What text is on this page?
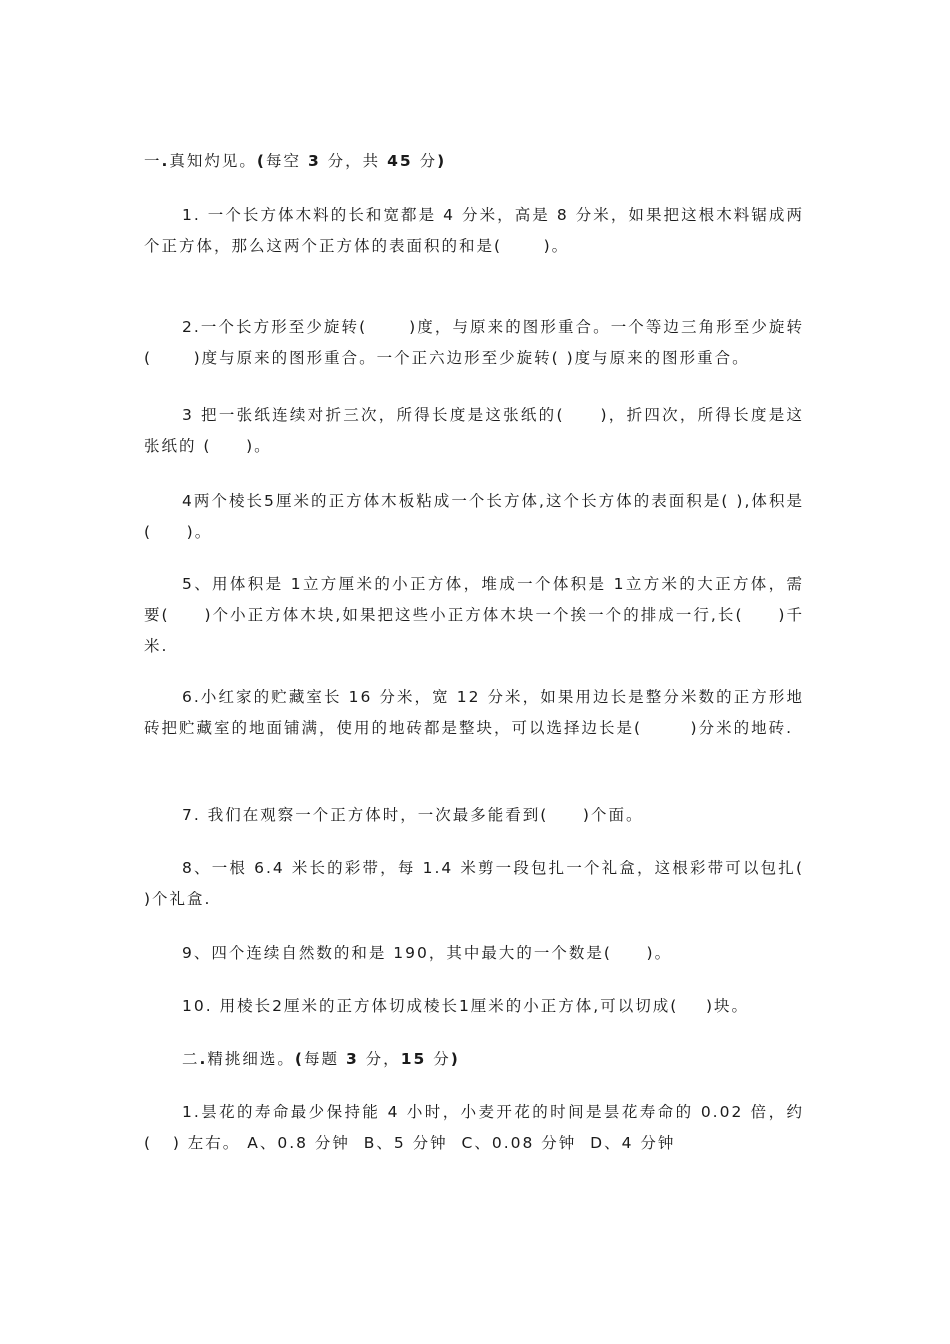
一.真知灼见。(每空 3 分，共 45 分)
1. 一个长方体木料的长和宽都是 4 分米，高是 8 分米，如果把这根木料锯成两个正方体，那么这两个正方体的表面积的和是(      )。
2.一个长方形至少旋转(      )度，与原来的图形重合。一个等边三角形至少旋转(      )度与原来的图形重合。一个正六边形至少旋转( )度与原来的图形重合。
3 把一张纸连续对折三次，所得长度是这张纸的(     )，折四次，所得长度是这张纸的 (     )。
4两个棱长5厘米的正方体木板粘成一个长方体,这个长方体的表面积是( ),体积是(     )。
5、用体积是 1立方厘米的小正方体，堆成一个体积是 1立方米的大正方体，需要(     )个小正方体木块,如果把这些小正方体木块一个挨一个的排成一行,长(     )千米.
6.小红家的贮藏室长 16 分米，宽 12 分米，如果用边长是整分米数的正方形地砖把贮藏室的地面铺满，使用的地砖都是整块，可以选择边长是(       )分米的地砖.
7. 我们在观察一个正方体时，一次最多能看到(     )个面。
8、一根 6.4 米长的彩带，每 1.4 米剪一段包扎一个礼盒，这根彩带可以包扎(     )个礼盒.
9、四个连续自然数的和是 190，其中最大的一个数是(     )。
10. 用棱长2厘米的正方体切成棱长1厘米的小正方体,可以切成(    )块。
二.精挑细选。(每题 3 分，15 分)
1.昙花的寿命最少保持能 4 小时，小麦开花的时间是昙花寿命的 0.02 倍，约 (   ) 左右。 A、0.8 分钟  B、5 分钟  C、0.08 分钟  D、4 分钟
